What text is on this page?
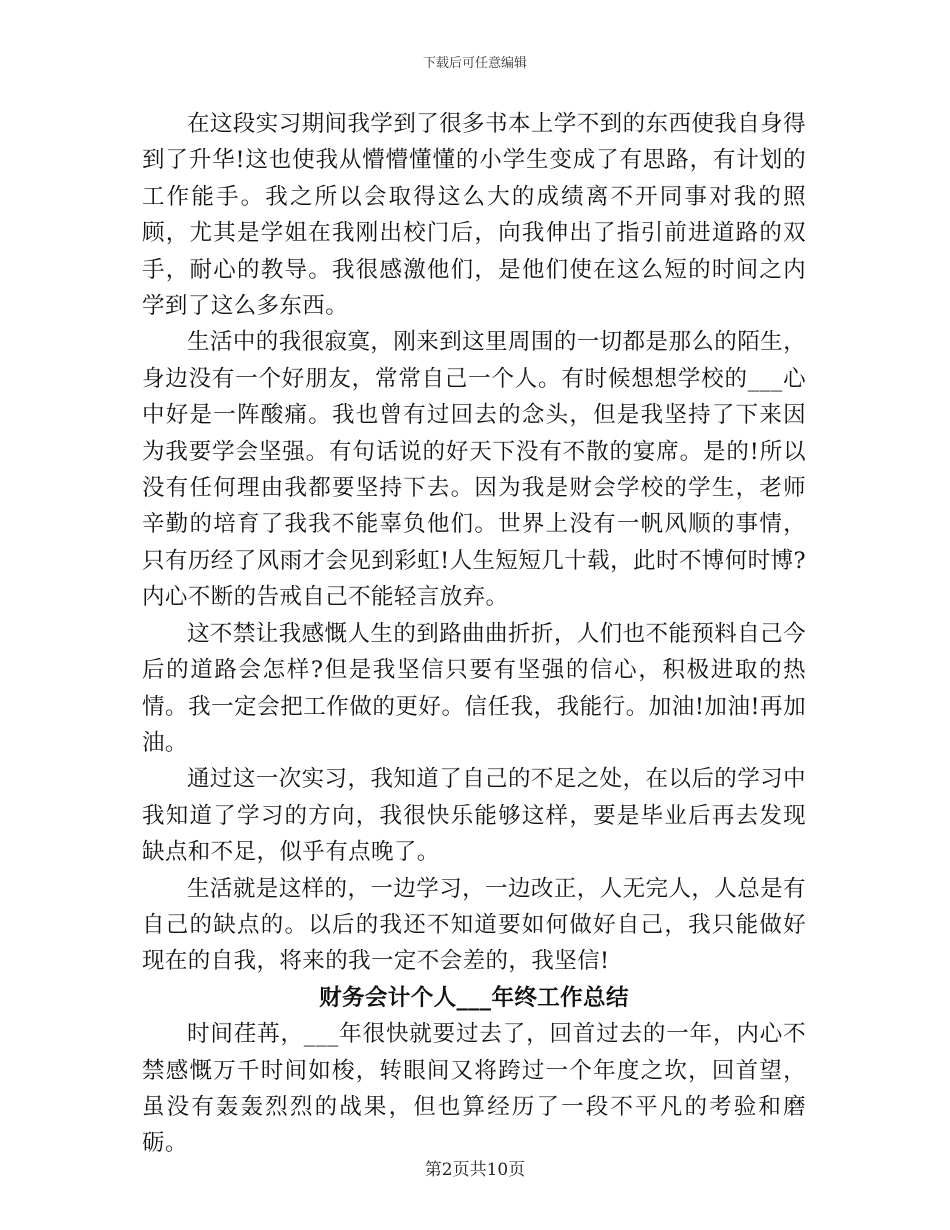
下载后可任意编辑

在这段实习期间我学到了很多书本上学不到的东西使我自身得到了升华!这也使我从懵懵懂懂的小学生变成了有思路，有计划的工作能手。我之所以会取得这么大的成绩离不开同事对我的照顾，尤其是学姐在我刚出校门后，向我伸出了指引前进道路的双手，耐心的教导。我很感激他们，是他们使在这么短的时间之内学到了这么多东西。

生活中的我很寂寞，刚来到这里周围的一切都是那么的陌生，身边没有一个好朋友，常常自己一个人。有时候想想学校的___心中好是一阵酸痛。我也曾有过回去的念头，但是我坚持了下来因为我要学会坚强。有句话说的好天下没有不散的宴席。是的!所以没有任何理由我都要坚持下去。因为我是财会学校的学生，老师辛勤的培育了我我不能辜负他们。世界上没有一帆风顺的事情，只有历经了风雨才会见到彩虹!人生短短几十载，此时不博何时博?内心不断的告戒自己不能轻言放弃。

这不禁让我感慨人生的到路曲曲折折，人们也不能预料自己今后的道路会怎样?但是我坚信只要有坚强的信心，积极进取的热情。我一定会把工作做的更好。信任我，我能行。加油!加油!再加油。

通过这一次实习，我知道了自己的不足之处，在以后的学习中我知道了学习的方向，我很快乐能够这样，要是毕业后再去发现缺点和不足，似乎有点晚了。

生活就是这样的，一边学习，一边改正，人无完人，人总是有自己的缺点的。以后的我还不知道要如何做好自己，我只能做好现在的自我，将来的我一定不会差的，我坚信!

财务会计个人___年终工作总结

时间荏苒，___年很快就要过去了，回首过去的一年，内心不禁感慨万千时间如梭，转眼间又将跨过一个年度之坎，回首望，虽没有轰轰烈烈的战果，但也算经历了一段不平凡的考验和磨砺。

第2页共10页
